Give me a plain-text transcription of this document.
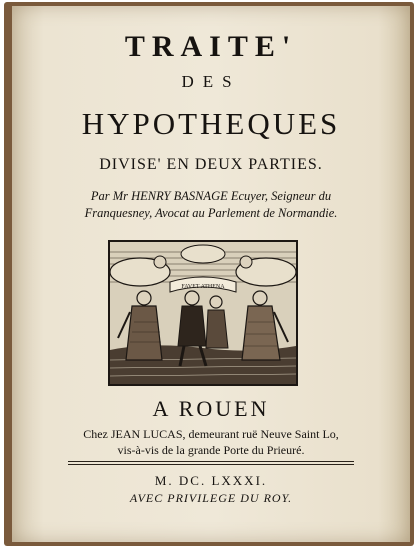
TRAITE'
DES
HYPOTHEQUES
DIVISE' EN DEUX PARTIES.
Par Mr HENRY BASNAGE Ecuyer, Seigneur du
Franquesney, Avocat au Parlement de Normandie.
FAVET ATHENA
A ROUEN
Chez JEAN LUCAS, demeurant ruë Neuve Saint Lo,
vis-à-vis de la grande Porte du Prieuré.
M. DC. LXXXI.
AVEC PRIVILEGE DU ROY.
